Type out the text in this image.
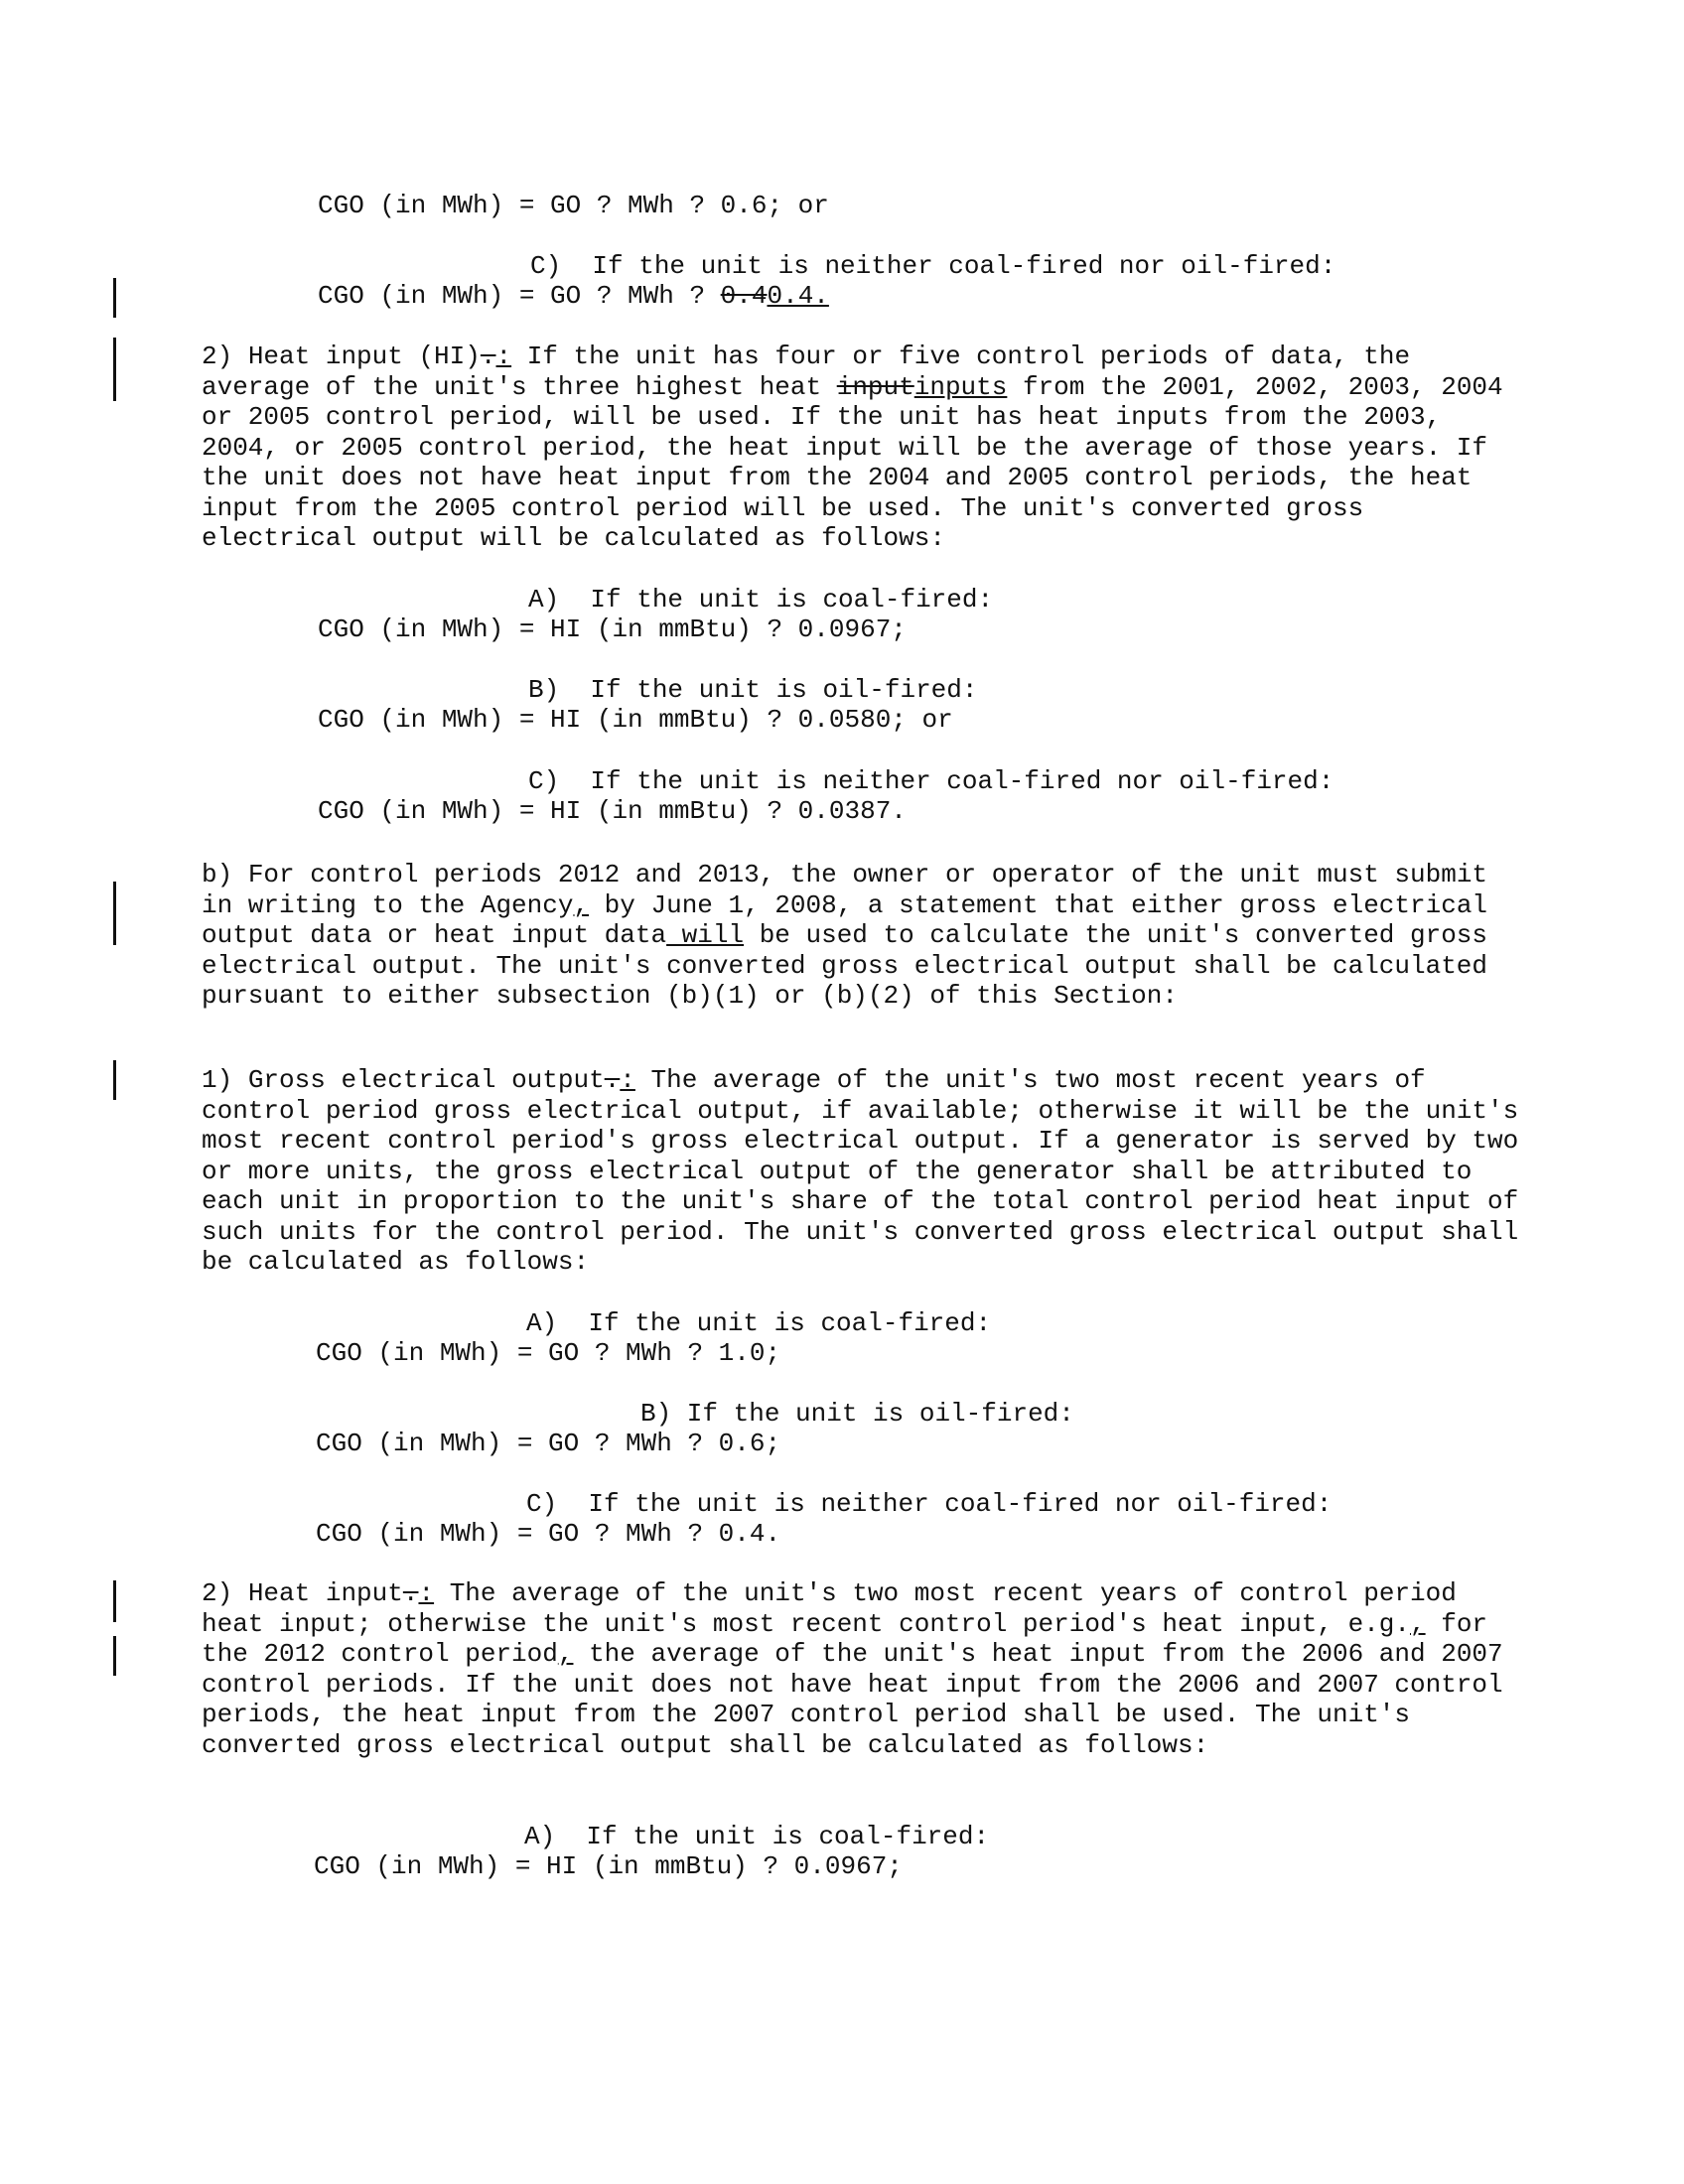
CGO (in MWh) = GO ? MWh ? 0.6; or
C)  If the unit is neither coal-fired nor oil-fired:
CGO (in MWh) = GO ? MWh ? 0.40.4.

2) Heat input (HI).: If the unit has four or five control periods of data, the average of the unit's three highest heat inputinputs from the 2001, 2002, 2003, 2004 or 2005 control period, will be used. If the unit has heat inputs from the 2003, 2004, or 2005 control period, the heat input will be the average of those years. If the unit does not have heat input from the 2004 and 2005 control periods, the heat input from the 2005 control period will be used. The unit's converted gross electrical output will be calculated as follows:

A)  If the unit is coal-fired:
CGO (in MWh) = HI (in mmBtu) ? 0.0967;
B)  If the unit is oil-fired:
CGO (in MWh) = HI (in mmBtu) ? 0.0580; or
C)  If the unit is neither coal-fired nor oil-fired:
CGO (in MWh) = HI (in mmBtu) ? 0.0387.

b) For control periods 2012 and 2013, the owner or operator of the unit must submit in writing to the Agency, by June 1, 2008, a statement that either gross electrical output data or heat input data will be used to calculate the unit's converted gross electrical output. The unit's converted gross electrical output shall be calculated pursuant to either subsection (b)(1) or (b)(2) of this Section:

1) Gross electrical output.: The average of the unit's two most recent years of control period gross electrical output, if available; otherwise it will be the unit's most recent control period's gross electrical output. If a generator is served by two or more units, the gross electrical output of the generator shall be attributed to each unit in proportion to the unit's share of the total control period heat input of such units for the control period. The unit's converted gross electrical output shall be calculated as follows:

A)  If the unit is coal-fired:
CGO (in MWh) = GO ? MWh ? 1.0;
B) If the unit is oil-fired:
CGO (in MWh) = GO ? MWh ? 0.6;
C)  If the unit is neither coal-fired nor oil-fired:
CGO (in MWh) = GO ? MWh ? 0.4.

2) Heat input.: The average of the unit's two most recent years of control period heat input; otherwise the unit's most recent control period's heat input, e.g., for the 2012 control period, the average of the unit's heat input from the 2006 and 2007 control periods. If the unit does not have heat input from the 2006 and 2007 control periods, the heat input from the 2007 control period shall be used. The unit's converted gross electrical output shall be calculated as follows:

A)  If the unit is coal-fired:
CGO (in MWh) = HI (in mmBtu) ? 0.0967;
